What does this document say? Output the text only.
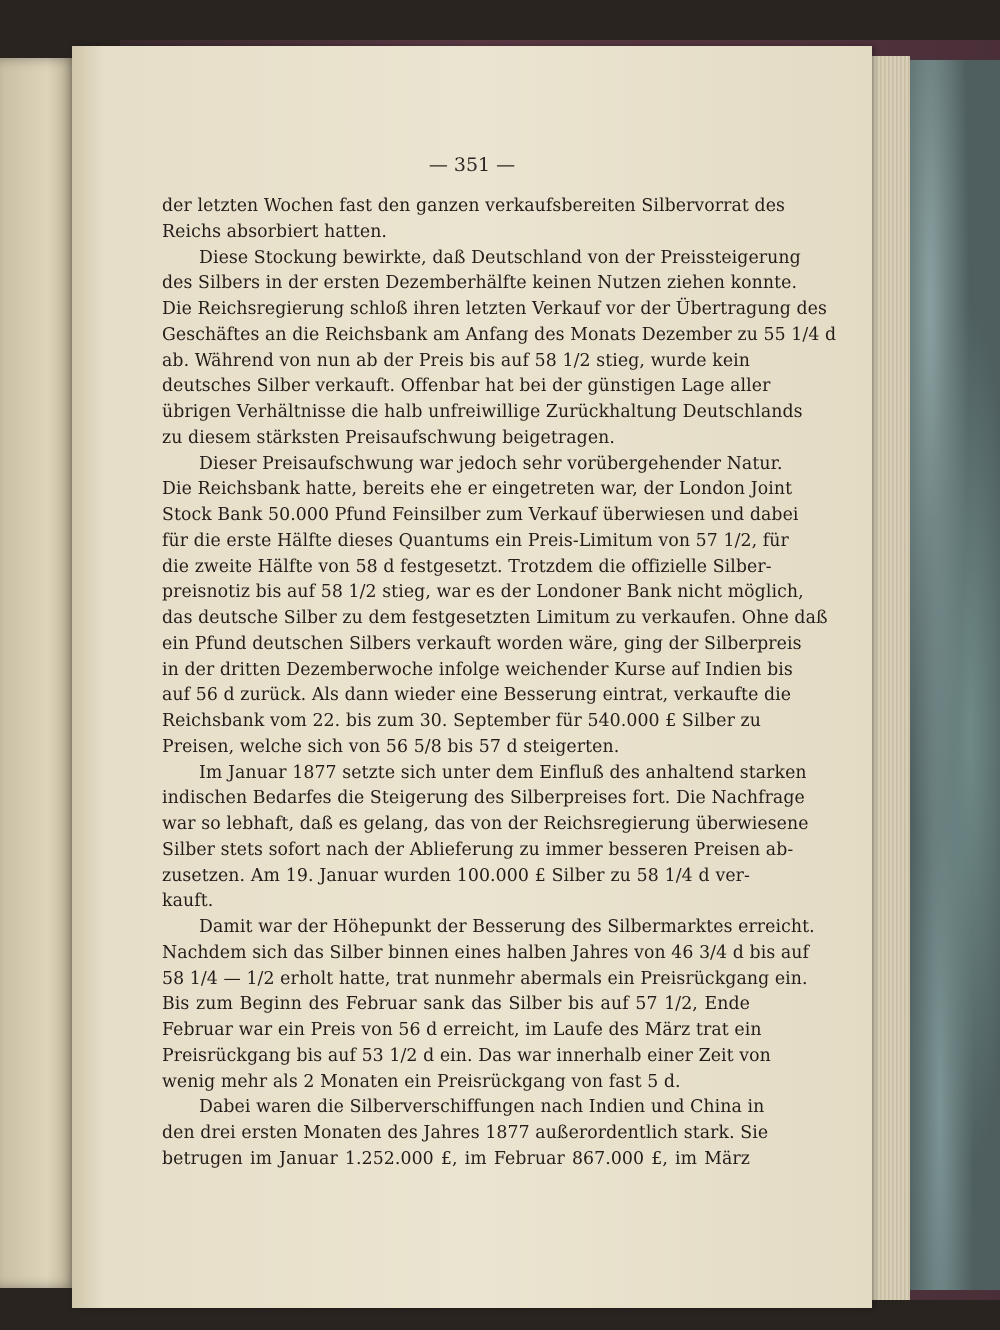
— 351 —
der letzten Wochen fast den ganzen verkaufsbereiten Silbervorrat des
Reichs absorbiert hatten.
Diese Stockung bewirkte, daß Deutschland von der Preissteigerung
des Silbers in der ersten Dezemberhälfte keinen Nutzen ziehen konnte.
Die Reichsregierung schloß ihren letzten Verkauf vor der Übertragung des
Geschäftes an die Reichsbank am Anfang des Monats Dezember zu 55 1/4 d
ab. Während von nun ab der Preis bis auf 58 1/2 stieg, wurde kein
deutsches Silber verkauft. Offenbar hat bei der günstigen Lage aller
übrigen Verhältnisse die halb unfreiwillige Zurückhaltung Deutschlands
zu diesem stärksten Preisaufschwung beigetragen.
Dieser Preisaufschwung war jedoch sehr vorübergehender Natur.
Die Reichsbank hatte, bereits ehe er eingetreten war, der London Joint
Stock Bank 50.000 Pfund Feinsilber zum Verkauf überwiesen und dabei
für die erste Hälfte dieses Quantums ein Preis-Limitum von 57 1/2, für
die zweite Hälfte von 58 d festgesetzt. Trotzdem die offizielle Silber-
preisnotiz bis auf 58 1/2 stieg, war es der Londoner Bank nicht möglich,
das deutsche Silber zu dem festgesetzten Limitum zu verkaufen. Ohne daß
ein Pfund deutschen Silbers verkauft worden wäre, ging der Silberpreis
in der dritten Dezemberwoche infolge weichender Kurse auf Indien bis
auf 56 d zurück. Als dann wieder eine Besserung eintrat, verkaufte die
Reichsbank vom 22. bis zum 30. September für 540.000 £ Silber zu
Preisen, welche sich von 56 5/8 bis 57 d steigerten.
Im Januar 1877 setzte sich unter dem Einfluß des anhaltend starken
indischen Bedarfes die Steigerung des Silberpreises fort. Die Nachfrage
war so lebhaft, daß es gelang, das von der Reichsregierung überwiesene
Silber stets sofort nach der Ablieferung zu immer besseren Preisen ab-
zusetzen. Am 19. Januar wurden 100.000 £ Silber zu 58 1/4 d ver-
kauft.
Damit war der Höhepunkt der Besserung des Silbermarktes erreicht.
Nachdem sich das Silber binnen eines halben Jahres von 46 3/4 d bis auf
58 1/4 — 1/2 erholt hatte, trat nunmehr abermals ein Preisrückgang ein.
Bis zum Beginn des Februar sank das Silber bis auf 57 1/2, Ende
Februar war ein Preis von 56 d erreicht, im Laufe des März trat ein
Preisrückgang bis auf 53 1/2 d ein. Das war innerhalb einer Zeit von
wenig mehr als 2 Monaten ein Preisrückgang von fast 5 d.
Dabei waren die Silberverschiffungen nach Indien und China in
den drei ersten Monaten des Jahres 1877 außerordentlich stark. Sie
betrugen im Januar 1.252.000 £, im Februar 867.000 £, im März
